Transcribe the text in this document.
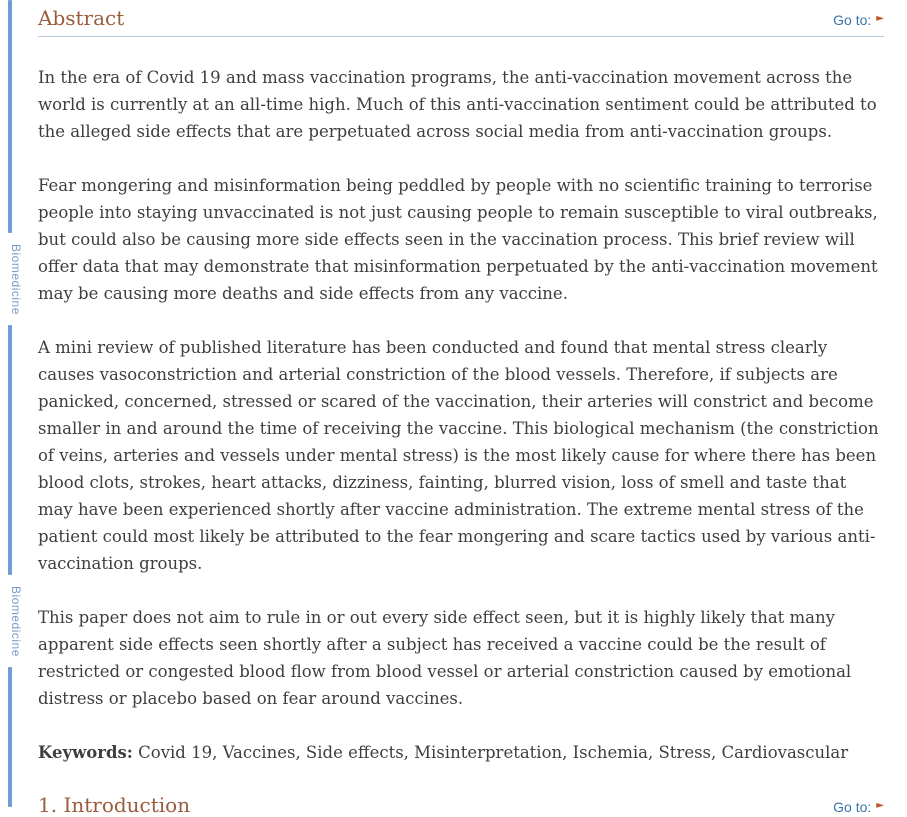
Biomedicine
Biomedicine
Abstract	Go to: ►

In the era of Covid 19 and mass vaccination programs, the anti-vaccination movement across the world is currently at an all-time high. Much of this anti-vaccination sentiment could be attributed to the alleged side effects that are perpetuated across social media from anti-vaccination groups.

Fear mongering and misinformation being peddled by people with no scientific training to terrorise people into staying unvaccinated is not just causing people to remain susceptible to viral outbreaks, but could also be causing more side effects seen in the vaccination process. This brief review will offer data that may demonstrate that misinformation perpetuated by the anti-vaccination movement may be causing more deaths and side effects from any vaccine.

A mini review of published literature has been conducted and found that mental stress clearly causes vasoconstriction and arterial constriction of the blood vessels. Therefore, if subjects are panicked, concerned, stressed or scared of the vaccination, their arteries will constrict and become smaller in and around the time of receiving the vaccine. This biological mechanism (the constriction of veins, arteries and vessels under mental stress) is the most likely cause for where there has been blood clots, strokes, heart attacks, dizziness, fainting, blurred vision, loss of smell and taste that may have been experienced shortly after vaccine administration. The extreme mental stress of the patient could most likely be attributed to the fear mongering and scare tactics used by various anti-vaccination groups.

This paper does not aim to rule in or out every side effect seen, but it is highly likely that many apparent side effects seen shortly after a subject has received a vaccine could be the result of restricted or congested blood flow from blood vessel or arterial constriction caused by emotional distress or placebo based on fear around vaccines.

Keywords: Covid 19, Vaccines, Side effects, Misinterpretation, Ischemia, Stress, Cardiovascular

1. Introduction	Go to: ►
